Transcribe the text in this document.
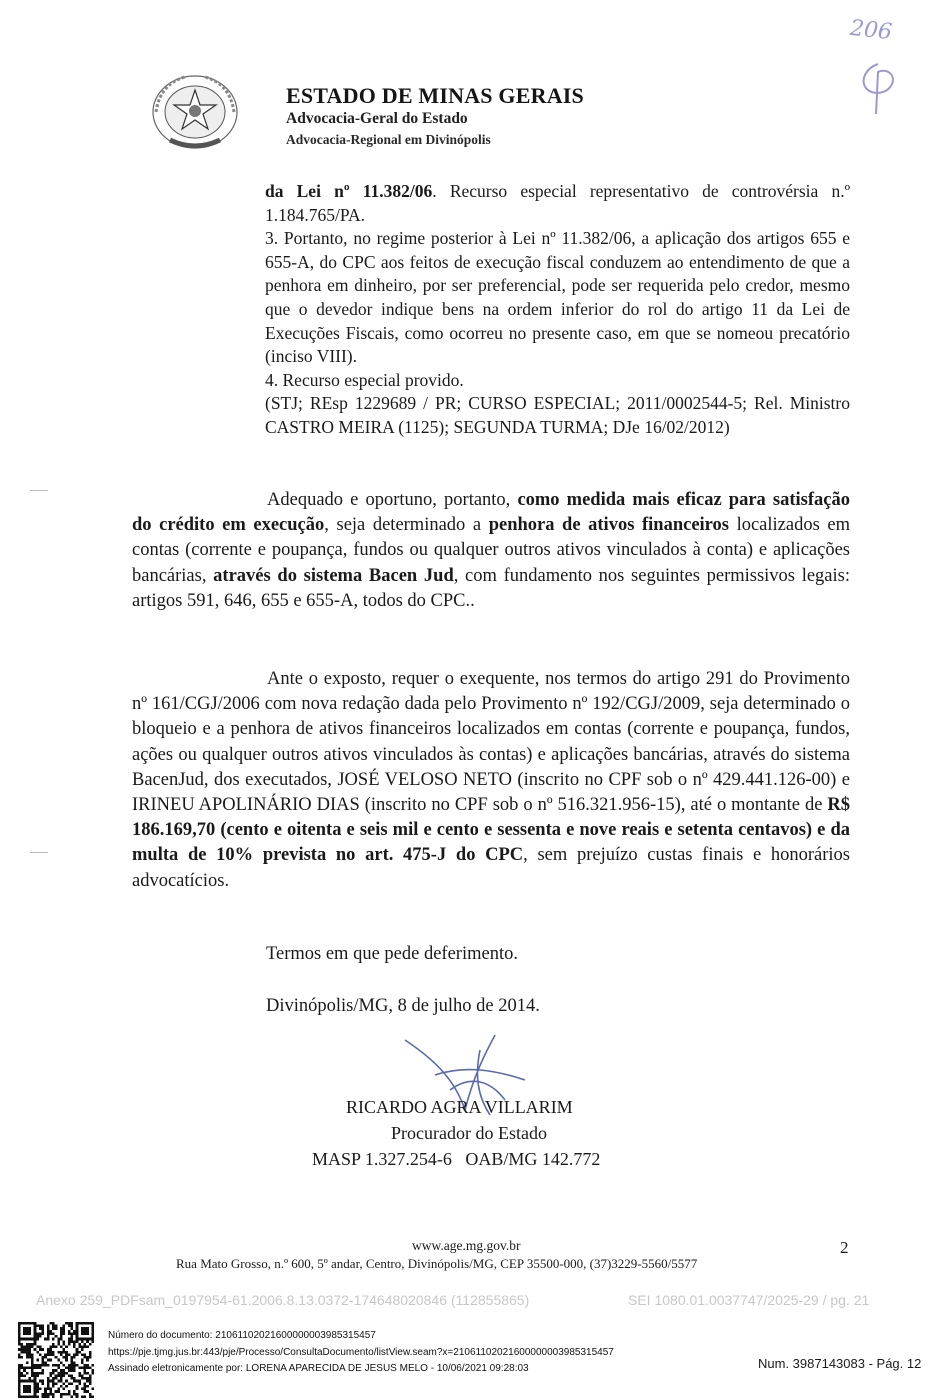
ESTADO DE MINAS GERAIS
Advocacia-Geral do Estado
Advocacia-Regional em Divinópolis
206

da Lei nº 11.382/06. Recurso especial representativo de controvérsia n.º 1.184.765/PA.

3. Portanto, no regime posterior à Lei nº 11.382/06, a aplicação dos artigos 655 e 655-A, do CPC aos feitos de execução fiscal conduzem ao entendimento de que a penhora em dinheiro, por ser preferencial, pode ser requerida pelo credor, mesmo que o devedor indique bens na ordem inferior do rol do artigo 11 da Lei de Execuções Fiscais, como ocorreu no presente caso, em que se nomeou precatório (inciso VIII).

4. Recurso especial provido.

(STJ; REsp 1229689 / PR; CURSO ESPECIAL; 2011/0002544-5; Rel. Ministro CASTRO MEIRA (1125); SEGUNDA TURMA; DJe 16/02/2012)

Adequado e oportuno, portanto, como medida mais eficaz para satisfação do crédito em execução, seja determinado a penhora de ativos financeiros localizados em contas (corrente e poupança, fundos ou qualquer outros ativos vinculados à conta) e aplicações bancárias, através do sistema Bacen Jud, com fundamento nos seguintes permissivos legais: artigos 591, 646, 655 e 655-A, todos do CPC..

Ante o exposto, requer o exequente, nos termos do artigo 291 do Provimento nº 161/CGJ/2006 com nova redação dada pelo Provimento nº 192/CGJ/2009, seja determinado o bloqueio e a penhora de ativos financeiros localizados em contas (corrente e poupança, fundos, ações ou qualquer outros ativos vinculados às contas) e aplicações bancárias, através do sistema BacenJud, dos executados, JOSÉ VELOSO NETO (inscrito no CPF sob o nº 429.441.126-00) e IRINEU APOLINÁRIO DIAS (inscrito no CPF sob o nº 516.321.956-15), até o montante de R$ 186.169,70 (cento e oitenta e seis mil e cento e sessenta e nove reais e setenta centavos) e da multa de 10% prevista no art. 475-J do CPC, sem prejuízo custas finais e honorários advocatícios.

Termos em que pede deferimento.
Divinópolis/MG, 8 de julho de 2014.
RICARDO AGRA VILLARIM
Procurador do Estado
MASP 1.327.254-6   OAB/MG 142.772
www.age.mg.gov.br
Rua Mato Grosso, n.º 600, 5º andar, Centro, Divinópolis/MG, CEP 35500-000, (37)3229-5560/5577
2
Anexo 259_PDFsam_0197954-61.2006.8.13.0372-174648020846 (112855865)	SEI 1080.01.0037747/2025-29 / pg. 21
Número do documento: 21061102021600000003985315457
https://pje.tjmg.jus.br:443/pje/Processo/ConsultaDocumento/listView.seam?x=21061102021600000003985315457
Assinado eletronicamente por: LORENA APARECIDA DE JESUS MELO - 10/06/2021 09:28:03	Num. 3987143083 - Pág. 12
